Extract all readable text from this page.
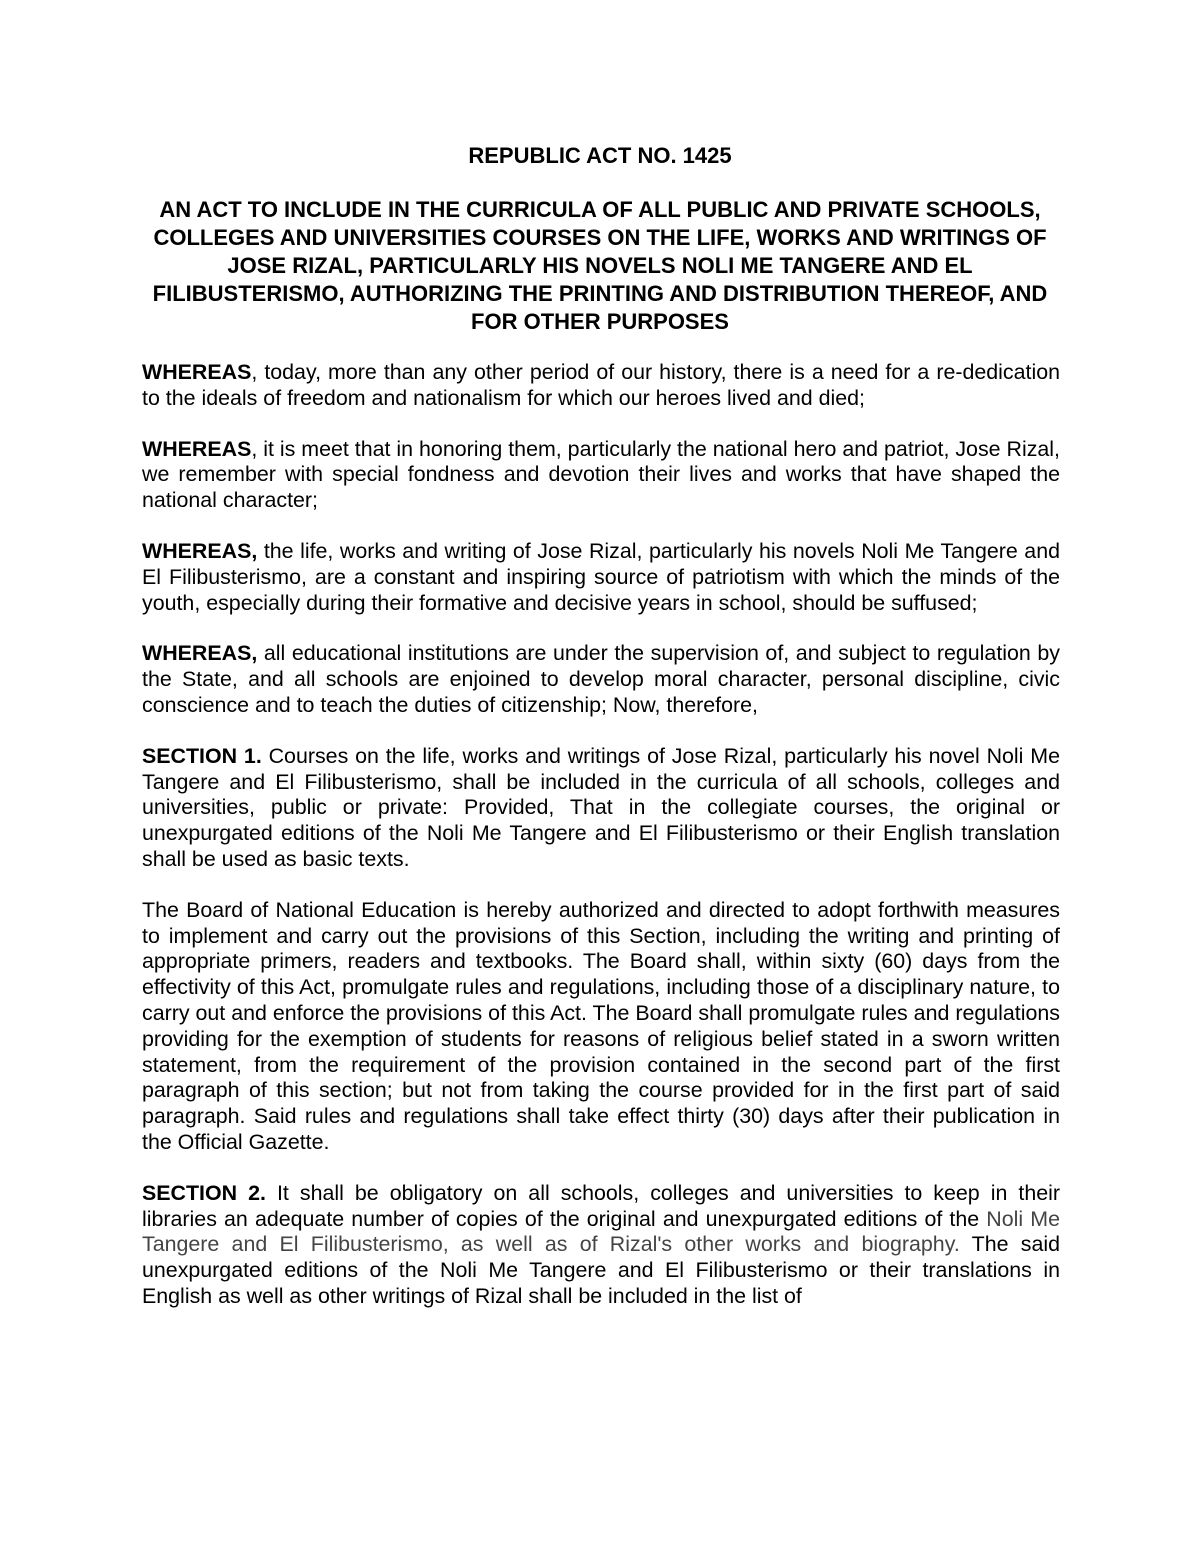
REPUBLIC ACT NO. 1425
AN ACT TO INCLUDE IN THE CURRICULA OF ALL PUBLIC AND PRIVATE SCHOOLS, COLLEGES AND UNIVERSITIES COURSES ON THE LIFE, WORKS AND WRITINGS OF JOSE RIZAL, PARTICULARLY HIS NOVELS NOLI ME TANGERE AND EL FILIBUSTERISMO, AUTHORIZING THE PRINTING AND DISTRIBUTION THEREOF, AND FOR OTHER PURPOSES

WHEREAS, today, more than any other period of our history, there is a need for a re-dedication to the ideals of freedom and nationalism for which our heroes lived and died;

WHEREAS, it is meet that in honoring them, particularly the national hero and patriot, Jose Rizal, we remember with special fondness and devotion their lives and works that have shaped the national character;

WHEREAS, the life, works and writing of Jose Rizal, particularly his novels Noli Me Tangere and El Filibusterismo, are a constant and inspiring source of patriotism with which the minds of the youth, especially during their formative and decisive years in school, should be suffused;

WHEREAS, all educational institutions are under the supervision of, and subject to regulation by the State, and all schools are enjoined to develop moral character, personal discipline, civic conscience and to teach the duties of citizenship; Now, therefore,

SECTION 1. Courses on the life, works and writings of Jose Rizal, particularly his novel Noli Me Tangere and El Filibusterismo, shall be included in the curricula of all schools, colleges and universities, public or private: Provided, That in the collegiate courses, the original or unexpurgated editions of the Noli Me Tangere and El Filibusterismo or their English translation shall be used as basic texts.

The Board of National Education is hereby authorized and directed to adopt forthwith measures to implement and carry out the provisions of this Section, including the writing and printing of appropriate primers, readers and textbooks. The Board shall, within sixty (60) days from the effectivity of this Act, promulgate rules and regulations, including those of a disciplinary nature, to carry out and enforce the provisions of this Act. The Board shall promulgate rules and regulations providing for the exemption of students for reasons of religious belief stated in a sworn written statement, from the requirement of the provision contained in the second part of the first paragraph of this section; but not from taking the course provided for in the first part of said paragraph. Said rules and regulations shall take effect thirty (30) days after their publication in the Official Gazette.

SECTION 2. It shall be obligatory on all schools, colleges and universities to keep in their libraries an adequate number of copies of the original and unexpurgated editions of the Noli Me Tangere and El Filibusterismo, as well as of Rizal's other works and biography. The said unexpurgated editions of the Noli Me Tangere and El Filibusterismo or their translations in English as well as other writings of Rizal shall be included in the list of
